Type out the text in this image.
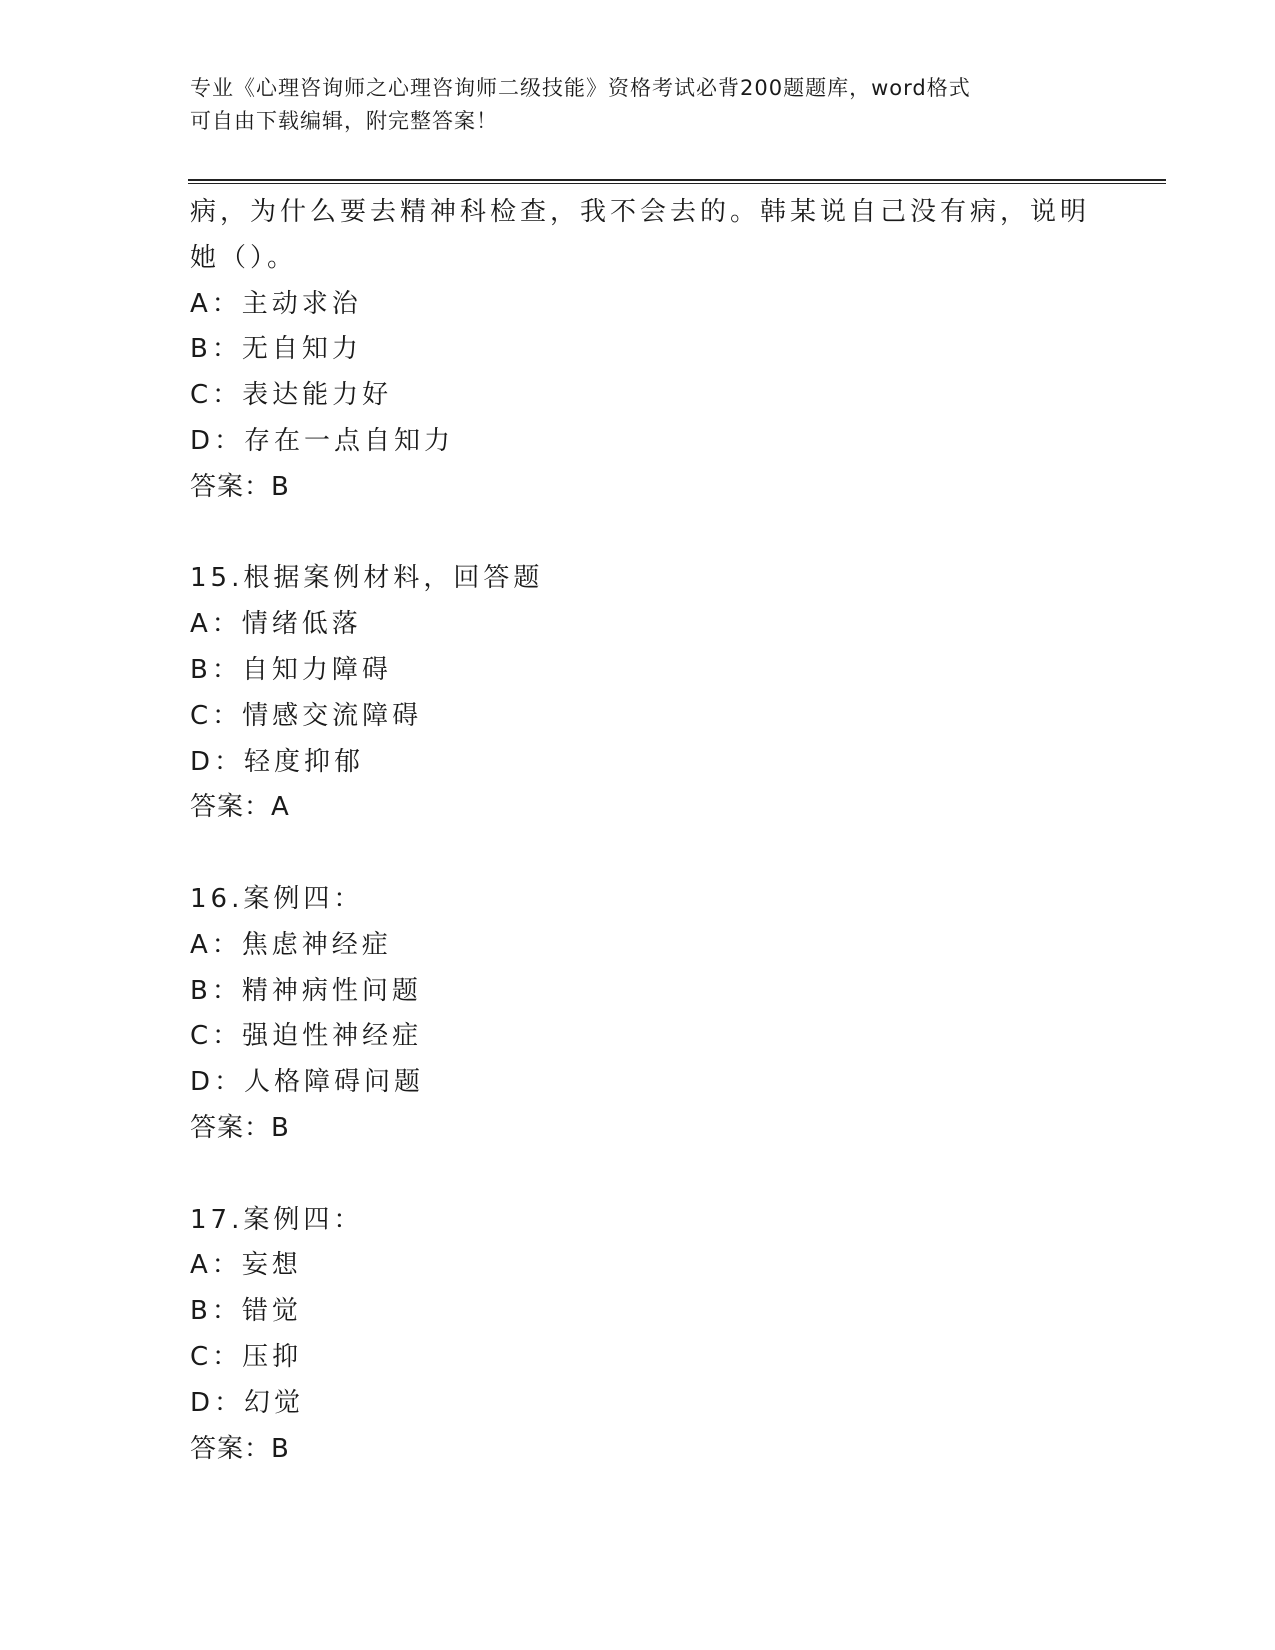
专业《心理咨询师之心理咨询师二级技能》资格考试必背200题题库，word格式
可自由下载编辑，附完整答案！
病，为什么要去精神科检查，我不会去的。韩某说自己没有病，说明
她（）。
A：主动求治
B：无自知力
C：表达能力好
D：存在一点自知力
答案：B
15.根据案例材料，回答题
A：情绪低落
B：自知力障碍
C：情感交流障碍
D：轻度抑郁
答案：A
16.案例四：
A：焦虑神经症
B：精神病性问题
C：强迫性神经症
D：人格障碍问题
答案：B
17.案例四：
A：妄想
B：错觉
C：压抑
D：幻觉
答案：B
